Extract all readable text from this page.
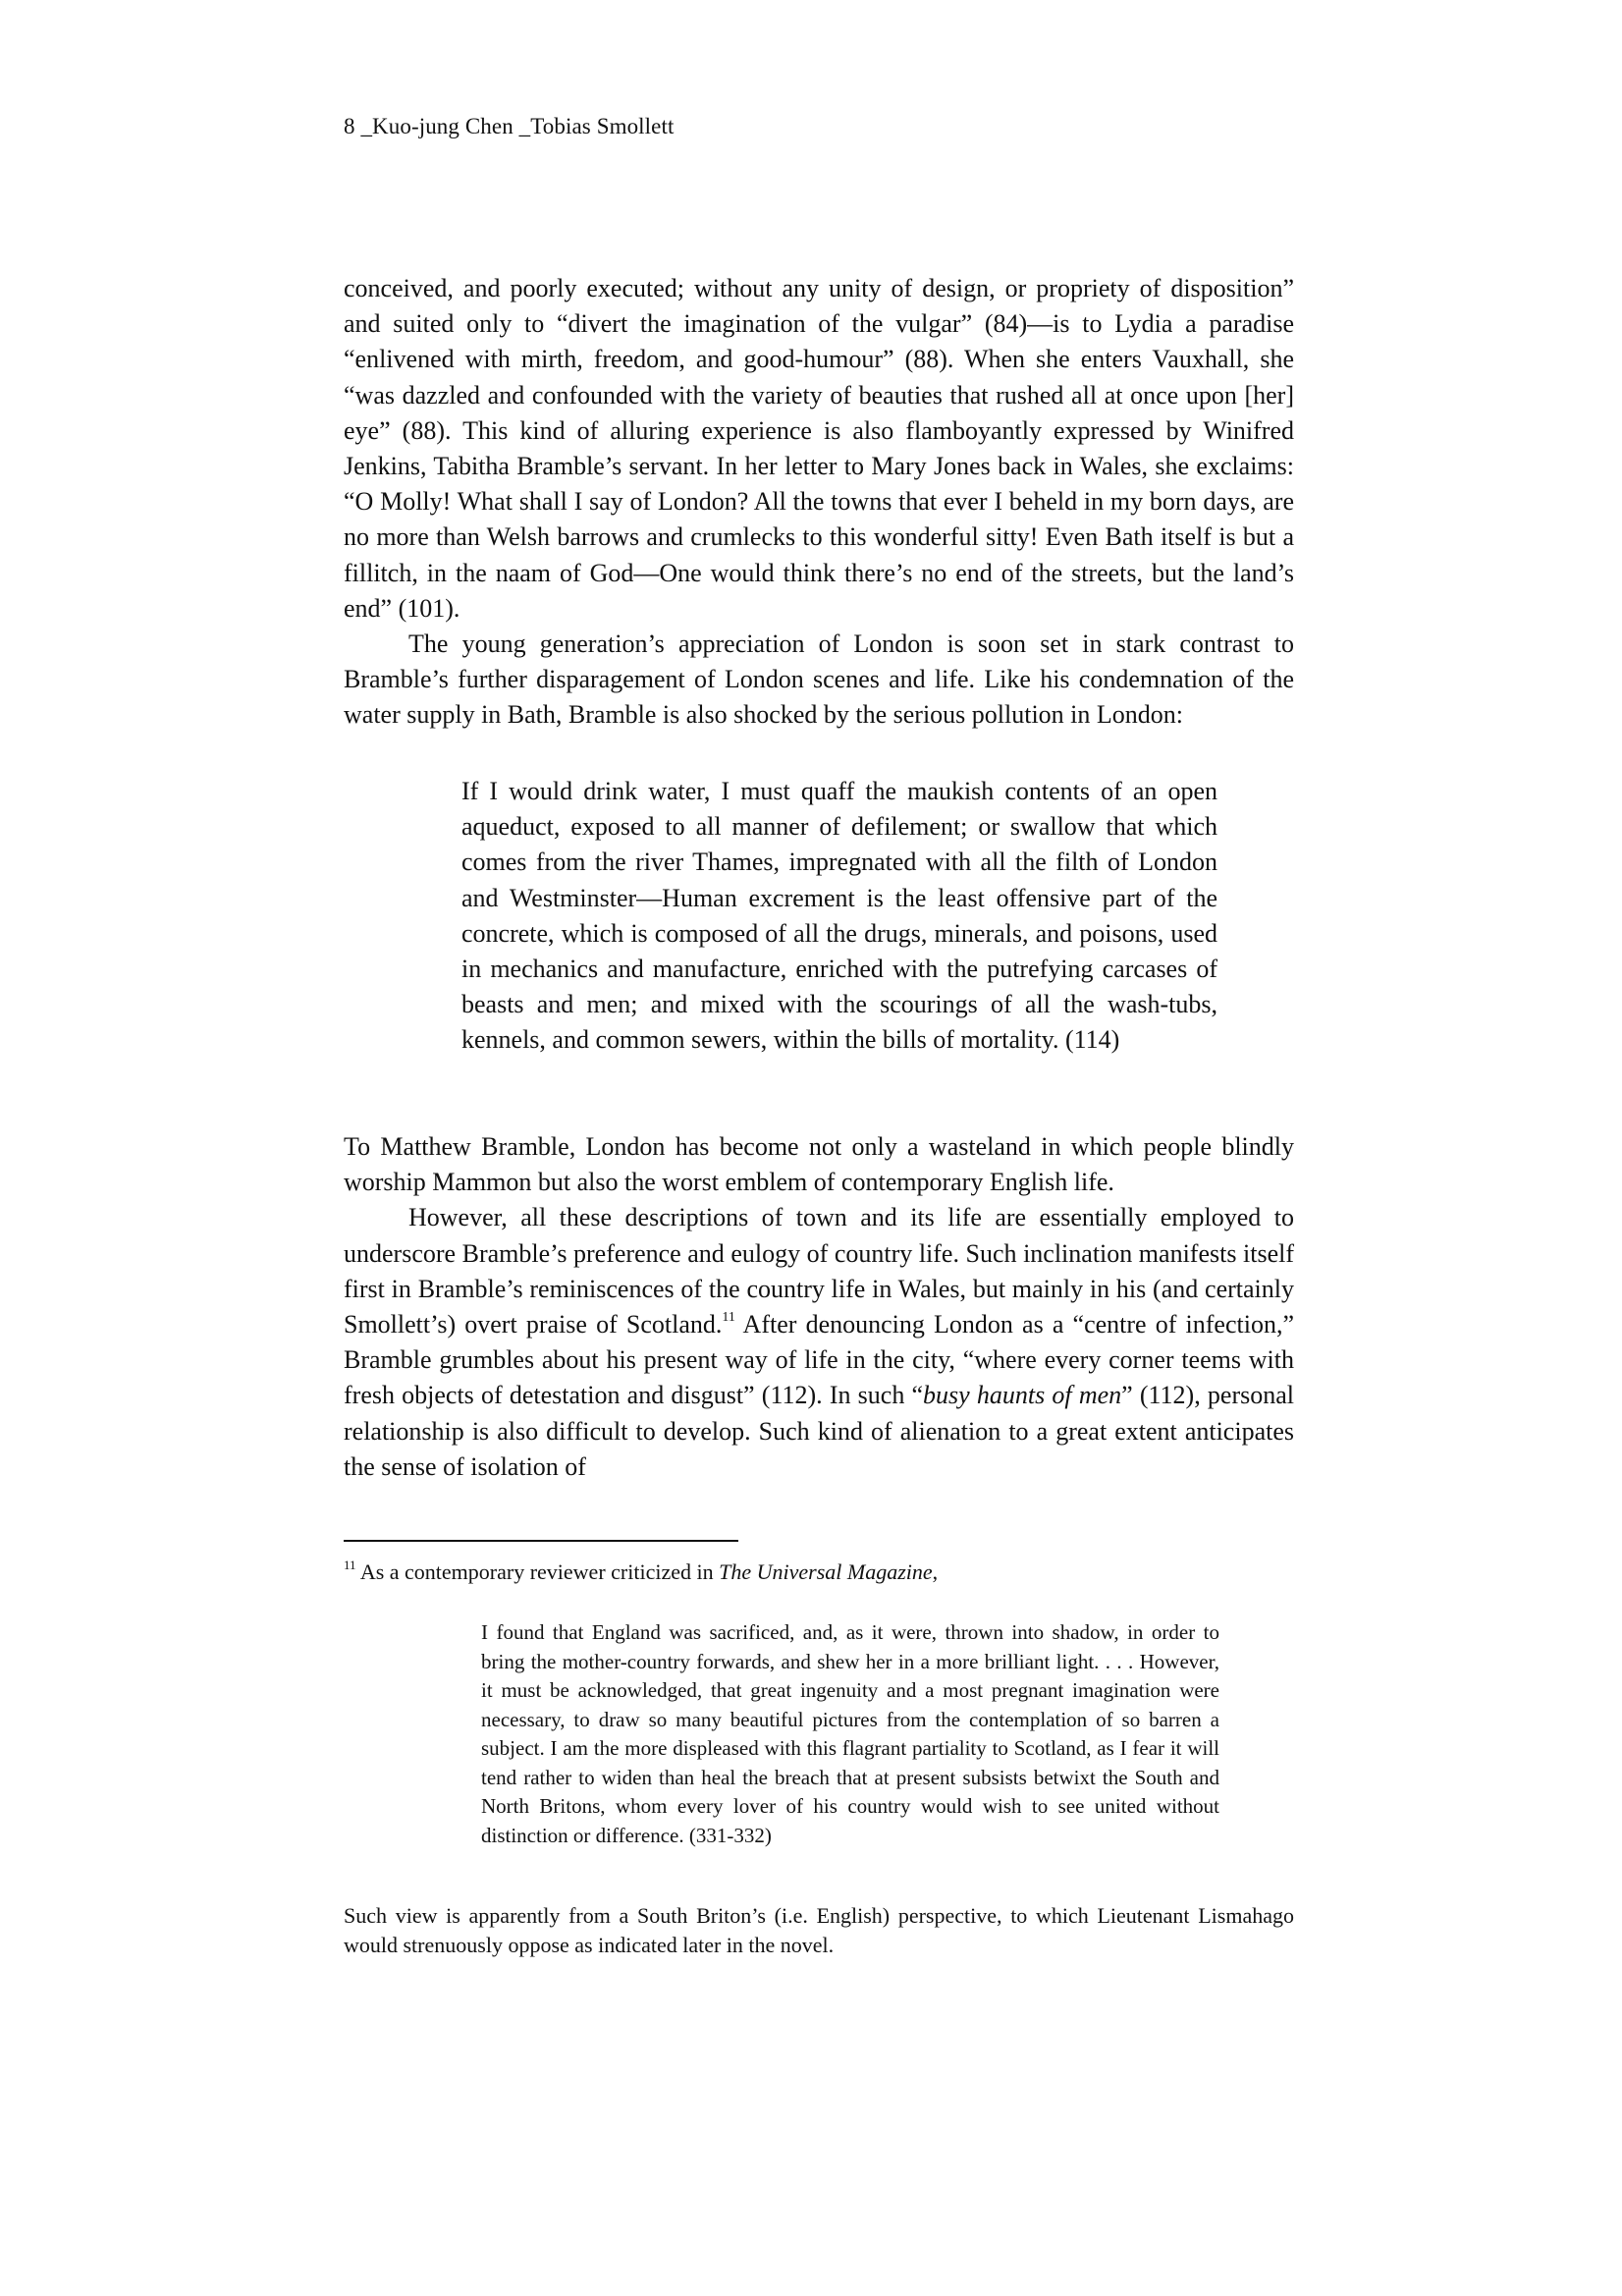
8 _Kuo-jung Chen _Tobias Smollett

conceived, and poorly executed; without any unity of design, or propriety of disposition” and suited only to “divert the imagination of the vulgar” (84)—is to Lydia a paradise “enlivened with mirth, freedom, and good-humour” (88). When she enters Vauxhall, she “was dazzled and confounded with the variety of beauties that rushed all at once upon [her] eye” (88). This kind of alluring experience is also flamboyantly expressed by Winifred Jenkins, Tabitha Bramble’s servant. In her letter to Mary Jones back in Wales, she exclaims: “O Molly! What shall I say of London? All the towns that ever I beheld in my born days, are no more than Welsh barrows and crumlecks to this wonderful sitty! Even Bath itself is but a fillitch, in the naam of God—One would think there’s no end of the streets, but the land’s end” (101).

The young generation’s appreciation of London is soon set in stark contrast to Bramble’s further disparagement of London scenes and life. Like his condemnation of the water supply in Bath, Bramble is also shocked by the serious pollution in London:

If I would drink water, I must quaff the maukish contents of an open aqueduct, exposed to all manner of defilement; or swallow that which comes from the river Thames, impregnated with all the filth of London and Westminster—Human excrement is the least offensive part of the concrete, which is composed of all the drugs, minerals, and poisons, used in mechanics and manufacture, enriched with the putrefying carcases of beasts and men; and mixed with the scourings of all the wash-tubs, kennels, and common sewers, within the bills of mortality. (114)

To Matthew Bramble, London has become not only a wasteland in which people blindly worship Mammon but also the worst emblem of contemporary English life.

However, all these descriptions of town and its life are essentially employed to underscore Bramble’s preference and eulogy of country life. Such inclination manifests itself first in Bramble’s reminiscences of the country life in Wales, but mainly in his (and certainly Smollett’s) overt praise of Scotland.$^{11}$ After denouncing London as a “centre of infection,” Bramble grumbles about his present way of life in the city, “where every corner teems with fresh objects of detestation and disgust” (112). In such “busy haunts of men” (112), personal relationship is also difficult to develop. Such kind of alienation to a great extent anticipates the sense of isolation of

$^{11}$ As a contemporary reviewer criticized in The Universal Magazine,

I found that England was sacrificed, and, as it were, thrown into shadow, in order to bring the mother-country forwards, and shew her in a more brilliant light. . . . However, it must be acknowledged, that great ingenuity and a most pregnant imagination were necessary, to draw so many beautiful pictures from the contemplation of so barren a subject. I am the more displeased with this flagrant partiality to Scotland, as I fear it will tend rather to widen than heal the breach that at present subsists betwixt the South and North Britons, whom every lover of his country would wish to see united without distinction or difference. (331-332)

Such view is apparently from a South Briton’s (i.e. English) perspective, to which Lieutenant Lismahago would strenuously oppose as indicated later in the novel.
